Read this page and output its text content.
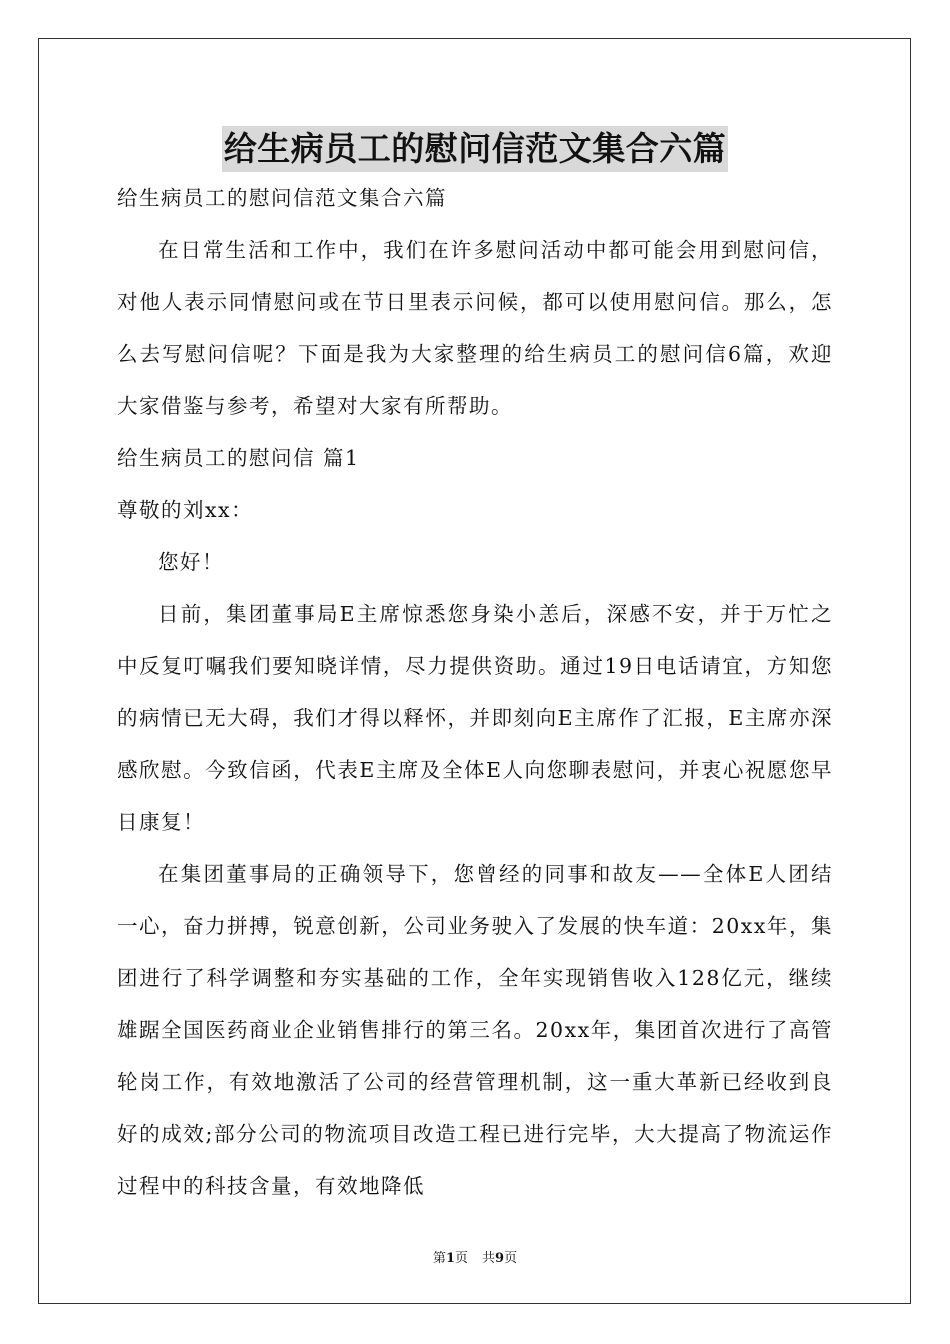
给生病员工的慰问信范文集合六篇

给生病员工的慰问信范文集合六篇

在日常生活和工作中，我们在许多慰问活动中都可能会用到慰问信，对他人表示同情慰问或在节日里表示问候，都可以使用慰问信。那么，怎么去写慰问信呢？下面是我为大家整理的给生病员工的慰问信6篇，欢迎大家借鉴与参考，希望对大家有所帮助。

给生病员工的慰问信 篇1

尊敬的刘xx：

您好！

日前，集团董事局E主席惊悉您身染小恙后，深感不安，并于万忙之中反复叮嘱我们要知晓详情，尽力提供资助。通过19日电话请宜，方知您的病情已无大碍，我们才得以释怀，并即刻向E主席作了汇报，E主席亦深感欣慰。今致信函，代表E主席及全体E人向您聊表慰问，并衷心祝愿您早日康复！

在集团董事局的正确领导下，您曾经的同事和故友——全体E人团结一心，奋力拼搏，锐意创新，公司业务驶入了发展的快车道：20xx年，集团进行了科学调整和夯实基础的工作，全年实现销售收入128亿元，继续雄踞全国医药商业企业销售排行的第三名。20xx年，集团首次进行了高管轮岗工作，有效地激活了公司的经营管理机制，这一重大革新已经收到良好的成效;部分公司的物流项目改造工程已进行完毕，大大提高了物流运作过程中的科技含量，有效地降低

第1页 共9页
